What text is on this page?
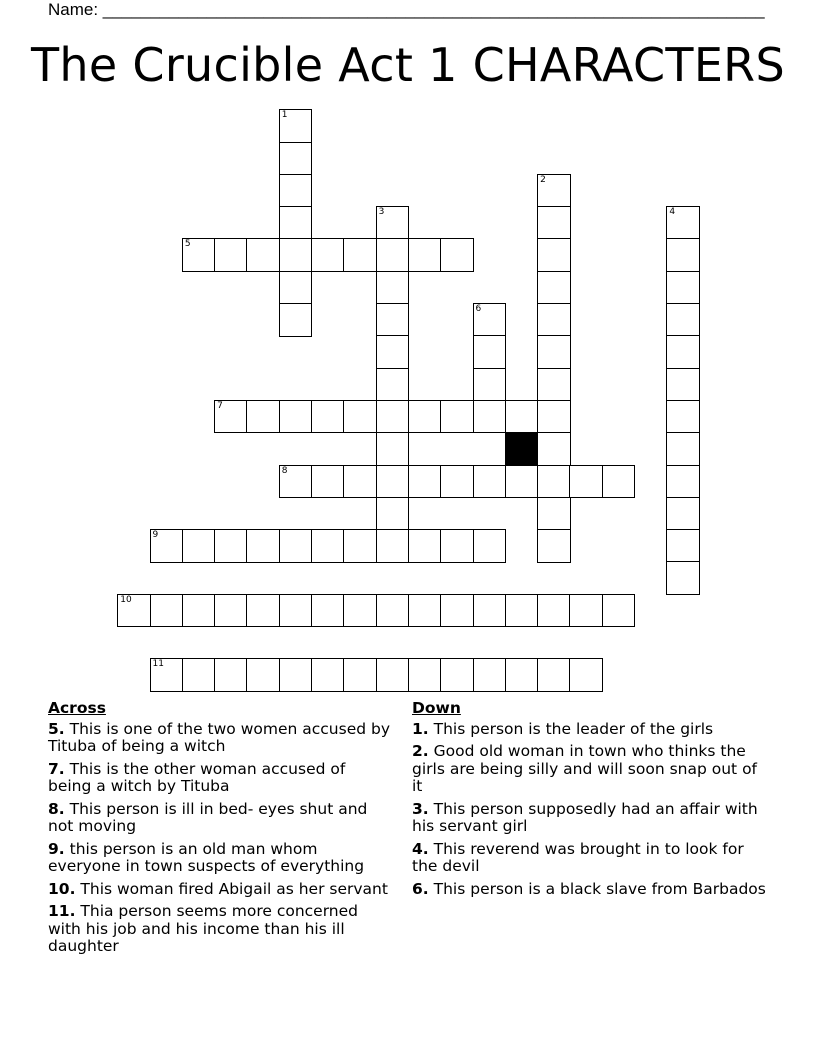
Name: ______________________________________________________________________
The Crucible Act 1 CHARACTERS
1
2
3	4
5
6
7
8
9
10
11
Across
5. This is one of the two women accused by Tituba of being a witch
7. This is the other woman accused of being a witch by Tituba
8. This person is ill in bed- eyes shut and not moving
9. this person is an old man whom everyone in town suspects of everything
10. This woman fired Abigail as her servant
11. Thia person seems more concerned with his job and his income than his ill daughter
Down
1. This person is the leader of the girls
2. Good old woman in town who thinks the girls are being silly and will soon snap out of it
3. This person supposedly had an affair with his servant girl
4. This reverend was brought in to look for the devil
6. This person is a black slave from Barbados
